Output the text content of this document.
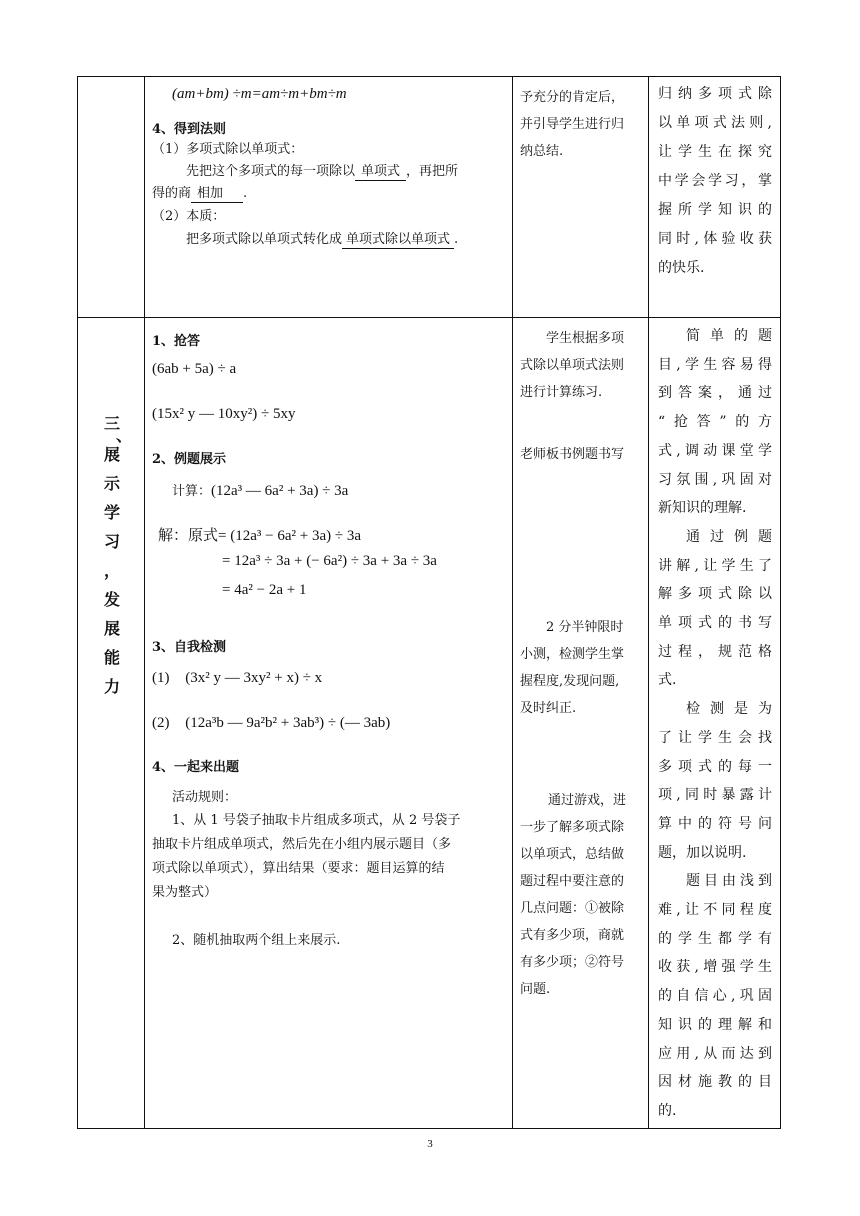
(am+bm) ÷m=am÷m+bm÷m
4、得到法则
（1）多项式除以单项式：
先把这个多项式的每一项除以 单项式 ，再把所
得的商 相加 .
（2）本质：
把多项式除以单项式转化成 单项式除以单项式 .
予充分的肯定后，
并引导学生进行归
纳总结.
归纳多项式除
以单项式法则,
让学生在探究
中学会学习，掌
握所学知识的
同时,体验收获
的快乐.
三
、
展
示
学
习
，
发
展
能
力
1、抢答
(6ab + 5a) ÷ a
(15x² y — 10xy²) ÷ 5xy
2、例题展示
计算：(12a³ — 6a² + 3a) ÷ 3a
解：原式= (12a³ − 6a² + 3a) ÷ 3a
= 12a³ ÷ 3a + (− 6a²) ÷ 3a + 3a ÷ 3a
= 4a² − 2a + 1
3、自我检测
(1) (3x² y — 3xy² + x) ÷ x
(2) (12a³b — 9a²b² + 3ab³) ÷ (— 3ab)
4、一起来出题
活动规则：
1、从 1 号袋子抽取卡片组成多项式，从 2 号袋子
抽取卡片组成单项式，然后先在小组内展示题目（多
项式除以单项式），算出结果（要求：题目运算的结
果为整式）
2、随机抽取两个组上来展示.
学生根据多项
式除以单项式法则
进行计算练习.
老师板书例题书写
2 分半钟限时
小测，检测学生掌
握程度,发现问题,
及时纠正.
通过游戏，进
一步了解多项式除
以单项式，总结做
题过程中要注意的
几点问题：①被除
式有多少项，商就
有多少项；②符号
问题.
简单的题
目,学生容易得
到答案，通过
“抢答”的方
式,调动课堂学
习氛围,巩固对
新知识的理解.
通过例题
讲解,让学生了
解多项式除以
单项式的书写
过程，规范格
式.
检测是为
了让学生会找
多项式的每一
项,同时暴露计
算中的符号问
题，加以说明.
题目由浅到
难,让不同程度
的学生都学有
收获,增强学生
的自信心,巩固
知识的理解和
应用,从而达到
因材施教的目
的.
3
